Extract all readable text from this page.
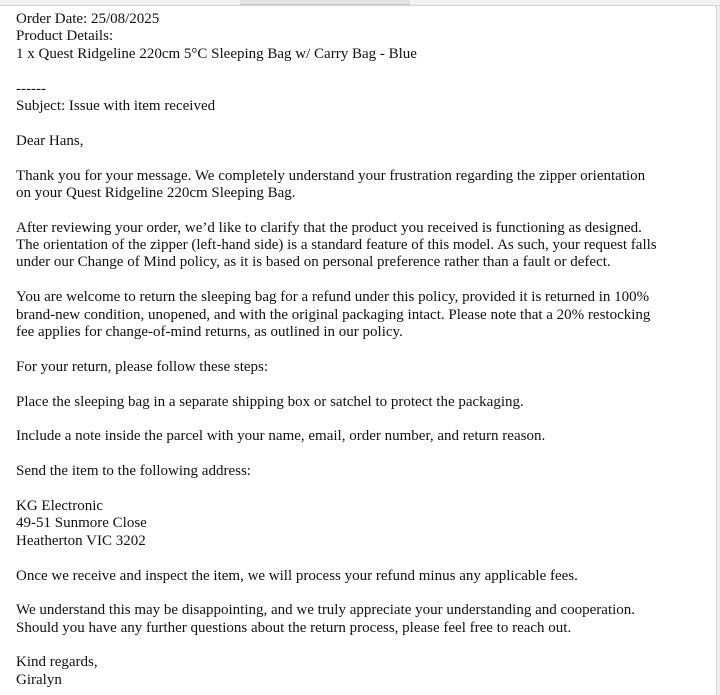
Order Date: 25/08/2025
Product Details:
1 x Quest Ridgeline 220cm 5°C Sleeping Bag w/ Carry Bag - Blue
------
Subject: Issue with item received
Dear Hans,
Thank you for your message. We completely understand your frustration regarding the zipper orientation
on your Quest Ridgeline 220cm Sleeping Bag.
After reviewing your order, we’d like to clarify that the product you received is functioning as designed.
The orientation of the zipper (left-hand side) is a standard feature of this model. As such, your request falls
under our Change of Mind policy, as it is based on personal preference rather than a fault or defect.
You are welcome to return the sleeping bag for a refund under this policy, provided it is returned in 100%
brand-new condition, unopened, and with the original packaging intact. Please note that a 20% restocking
fee applies for change-of-mind returns, as outlined in our policy.
For your return, please follow these steps:
Place the sleeping bag in a separate shipping box or satchel to protect the packaging.
Include a note inside the parcel with your name, email, order number, and return reason.
Send the item to the following address:
KG Electronic
49-51 Sunmore Close
Heatherton VIC 3202
Once we receive and inspect the item, we will process your refund minus any applicable fees.
We understand this may be disappointing, and we truly appreciate your understanding and cooperation.
Should you have any further questions about the return process, please feel free to reach out.
Kind regards,
Giralyn
